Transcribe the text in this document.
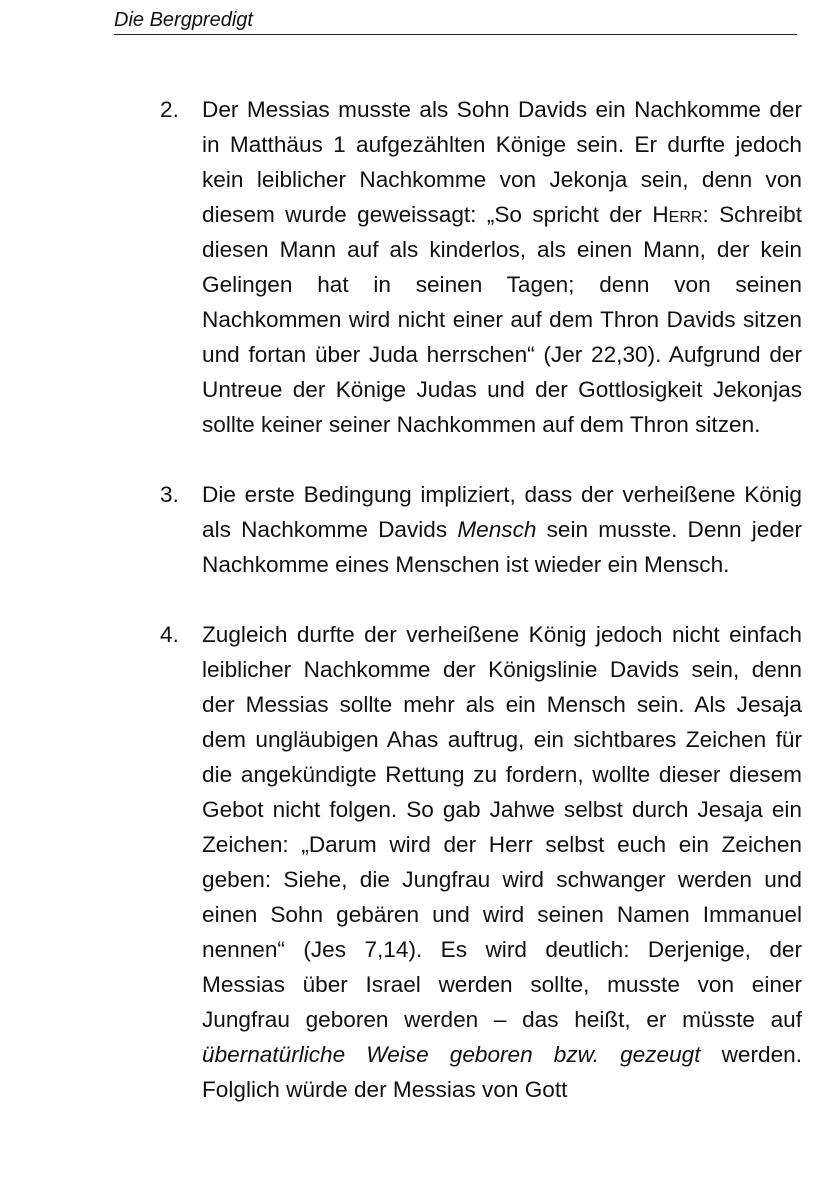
Die Bergpredigt
2.	Der Messias musste als Sohn Davids ein Nachkomme der in Matthäus 1 aufgezählten Könige sein. Er durfte jedoch kein leiblicher Nachkomme von Jekonja sein, denn von diesem wurde geweissagt: „So spricht der Herr: Schreibt diesen Mann auf als kinderlos, als einen Mann, der kein Gelingen hat in seinen Tagen; denn von seinen Nachkommen wird nicht einer auf dem Thron Davids sitzen und fortan über Juda herrschen“ (Jer 22,30). Aufgrund der Untreue der Könige Judas und der Gottlosigkeit Jekonjas sollte keiner seiner Nachkommen auf dem Thron sitzen.
3.	Die erste Bedingung impliziert, dass der verheißene König als Nachkomme Davids Mensch sein musste. Denn jeder Nachkomme eines Menschen ist wieder ein Mensch.
4.	Zugleich durfte der verheißene König jedoch nicht einfach leiblicher Nachkomme der Königslinie Davids sein, denn der Messias sollte mehr als ein Mensch sein. Als Jesaja dem ungläubigen Ahas auftrug, ein sichtbares Zeichen für die angekündigte Rettung zu fordern, wollte dieser diesem Gebot nicht folgen. So gab Jahwe selbst durch Jesaja ein Zeichen: „Darum wird der Herr selbst euch ein Zeichen geben: Siehe, die Jungfrau wird schwanger werden und einen Sohn gebären und wird seinen Namen Immanuel nennen“ (Jes 7,14). Es wird deutlich: Derjenige, der Messias über Israel werden sollte, musste von einer Jungfrau geboren werden – das heißt, er müsste auf übernatürliche Weise geboren bzw. gezeugt werden. Folglich würde der Messias von Gott
